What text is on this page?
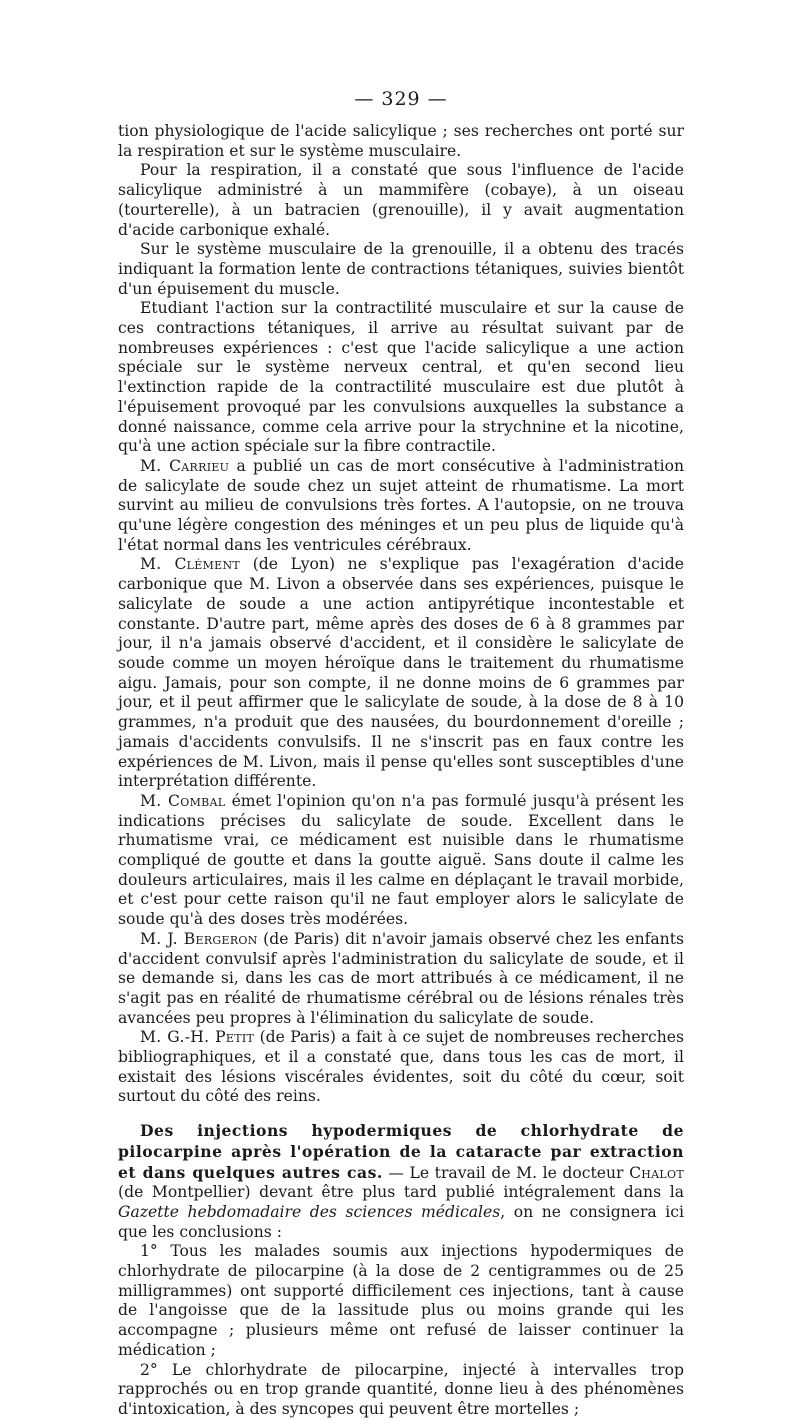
— 329 —

tion physiologique de l'acide salicylique ; ses recherches ont porté sur la respiration et sur le système musculaire.

Pour la respiration, il a constaté que sous l'influence de l'acide salicylique administré à un mammifère (cobaye), à un oiseau (tourterelle), à un batracien (grenouille), il y avait augmentation d'acide carbonique exhalé.

Sur le système musculaire de la grenouille, il a obtenu des tracés indiquant la formation lente de contractions tétaniques, suivies bientôt d'un épuisement du muscle.

Etudiant l'action sur la contractilité musculaire et sur la cause de ces contractions tétaniques, il arrive au résultat suivant par de nombreuses expériences : c'est que l'acide salicylique a une action spéciale sur le système nerveux central, et qu'en second lieu l'extinction rapide de la contractilité musculaire est due plutôt à l'épuisement provoqué par les convulsions auxquelles la substance a donné naissance, comme cela arrive pour la strychnine et la nicotine, qu'à une action spéciale sur la fibre contractile.

M. Carrieu a publié un cas de mort consécutive à l'administration de salicylate de soude chez un sujet atteint de rhumatisme. La mort survint au milieu de convulsions très fortes. A l'autopsie, on ne trouva qu'une légère congestion des méninges et un peu plus de liquide qu'à l'état normal dans les ventricules cérébraux.

M. Clément (de Lyon) ne s'explique pas l'exagération d'acide carbonique que M. Livon a observée dans ses expériences, puisque le salicylate de soude a une action antipyrétique incontestable et constante. D'autre part, même après des doses de 6 à 8 grammes par jour, il n'a jamais observé d'accident, et il considère le salicylate de soude comme un moyen héroïque dans le traitement du rhumatisme aigu. Jamais, pour son compte, il ne donne moins de 6 grammes par jour, et il peut affirmer que le salicylate de soude, à la dose de 8 à 10 grammes, n'a produit que des nausées, du bourdonnement d'oreille ; jamais d'accidents convulsifs. Il ne s'inscrit pas en faux contre les expériences de M. Livon, mais il pense qu'elles sont susceptibles d'une interprétation différente.

M. Combal émet l'opinion qu'on n'a pas formulé jusqu'à présent les indications précises du salicylate de soude. Excellent dans le rhumatisme vrai, ce médicament est nuisible dans le rhumatisme compliqué de goutte et dans la goutte aiguë. Sans doute il calme les douleurs articulaires, mais il les calme en déplaçant le travail morbide, et c'est pour cette raison qu'il ne faut employer alors le salicylate de soude qu'à des doses très modérées.

M. J. Bergeron (de Paris) dit n'avoir jamais observé chez les enfants d'accident convulsif après l'administration du salicylate de soude, et il se demande si, dans les cas de mort attribués à ce médicament, il ne s'agit pas en réalité de rhumatisme cérébral ou de lésions rénales très avancées peu propres à l'élimination du salicylate de soude.

M. G.-H. Petit (de Paris) a fait à ce sujet de nombreuses recherches bibliographiques, et il a constaté que, dans tous les cas de mort, il existait des lésions viscérales évidentes, soit du côté du cœur, soit surtout du côté des reins.

Des injections hypodermiques de chlorhydrate de pilocarpine après l'opération de la cataracte par extraction et dans quelques autres cas. — Le travail de M. le docteur Chalot (de Montpellier) devant être plus tard publié intégralement dans la Gazette hebdomadaire des sciences médicales, on ne consignera ici que les conclusions :

1° Tous les malades soumis aux injections hypodermiques de chlorhydrate de pilocarpine (à la dose de 2 centigrammes ou de 25 milligrammes) ont supporté difficilement ces injections, tant à cause de l'angoisse que de la lassitude plus ou moins grande qui les accompagne ; plusieurs même ont refusé de laisser continuer la médication ;

2° Le chlorhydrate de pilocarpine, injecté à intervalles trop rapprochés ou en trop grande quantité, donne lieu à des phénomènes d'intoxication, à des syncopes qui peuvent être mortelles ;
